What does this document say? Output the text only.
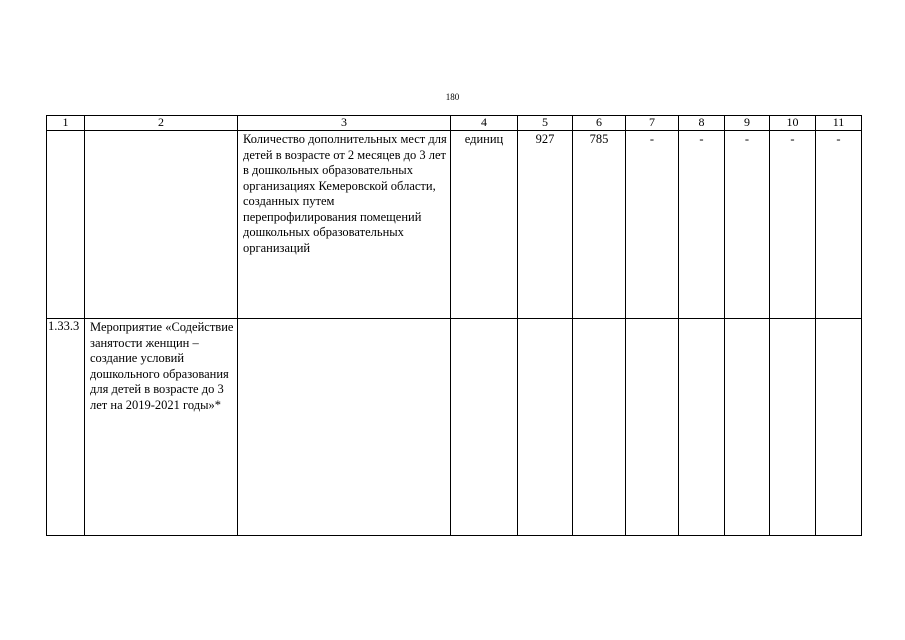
180
1	2	3	4	5	6	7	8	9	10	11
		Количество дополнительных мест для детей в возрасте от 2 месяцев до 3 лет в дошкольных образовательных организациях Кемеровской области, созданных путем перепрофилирования помещений дошкольных образовательных организаций	единиц	927	785	-	-	-	-	-
1.33.3	Мероприятие «Содействие занятости женщин – создание условий дошкольного образования для детей в возрасте до 3 лет на 2019-2021 годы»*									
